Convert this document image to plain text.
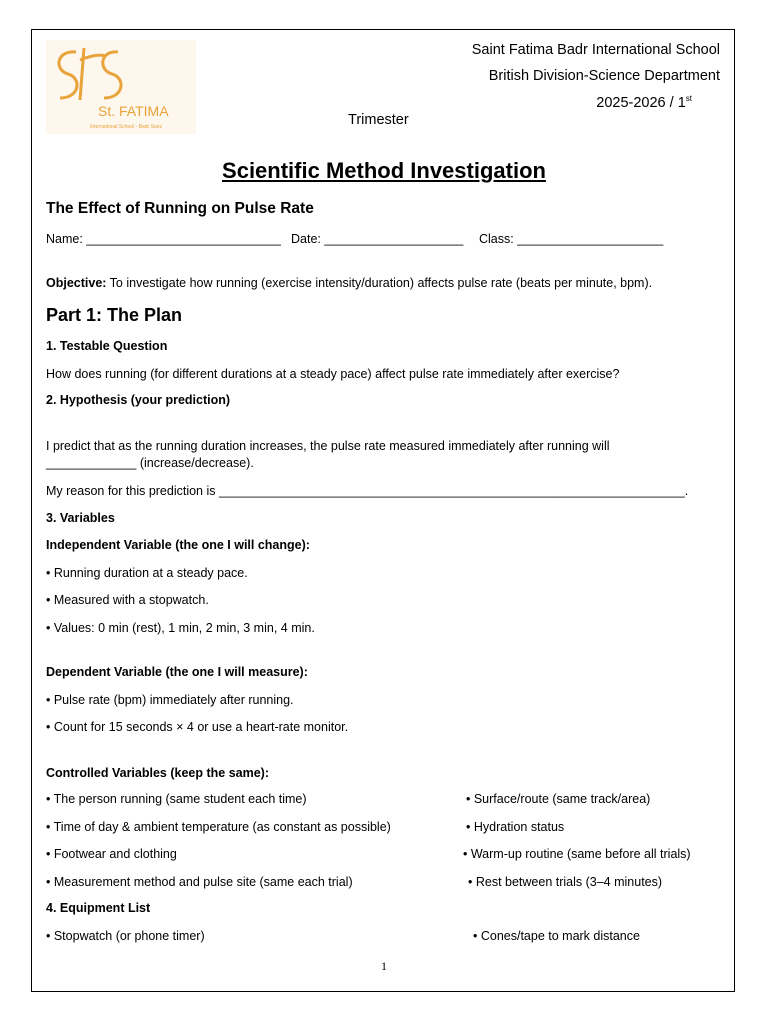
St. FATIMA
International School - Badr Suez
Saint Fatima Badr International School
British Division-Science Department
2025-2026 / 1st
Trimester
Scientific Method Investigation
The Effect of Running on Pulse Rate
Name: ____________________________ Date: ____________________ Class: _____________________
Objective: To investigate how running (exercise intensity/duration) affects pulse rate (beats per minute, bpm).
Part 1: The Plan
1. Testable Question
How does running (for different durations at a steady pace) affect pulse rate immediately after exercise?
2. Hypothesis (your prediction)
I predict that as the running duration increases, the pulse rate measured immediately after running will
_____________ (increase/decrease).
My reason for this prediction is ___________________________________________________________________.
3. Variables
Independent Variable (the one I will change):
• Running duration at a steady pace.
• Measured with a stopwatch.
• Values: 0 min (rest), 1 min, 2 min, 3 min, 4 min.
Dependent Variable (the one I will measure):
• Pulse rate (bpm) immediately after running.
• Count for 15 seconds × 4 or use a heart-rate monitor.
Controlled Variables (keep the same):
• The person running (same student each time)
• Time of day & ambient temperature (as constant as possible)
• Footwear and clothing
• Measurement method and pulse site (same each trial)
• Surface/route (same track/area)
• Hydration status
• Warm-up routine (same before all trials)
• Rest between trials (3–4 minutes)
4. Equipment List
• Stopwatch (or phone timer)	• Cones/tape to mark distance
1
